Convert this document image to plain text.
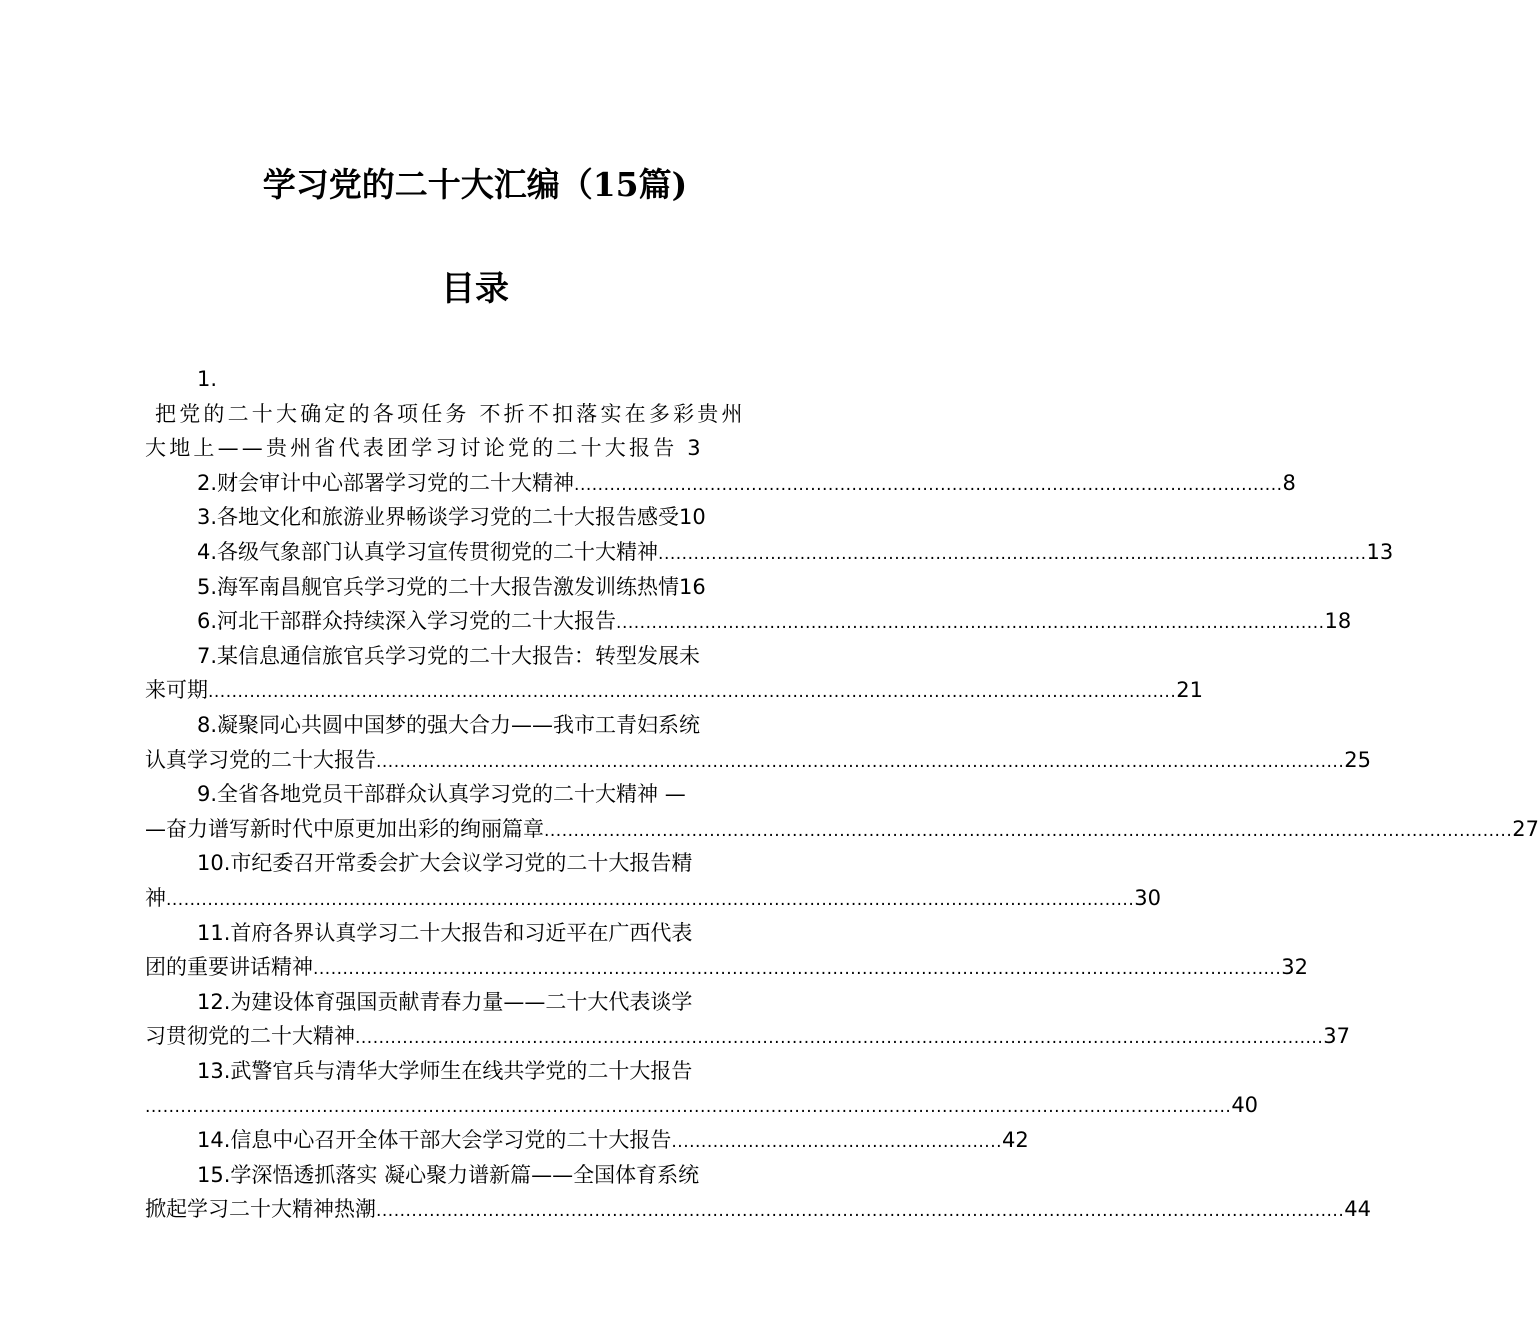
学习党的二十大汇编（15篇)
目录
1.
把党的二十大确定的各项任务 不折不扣落实在多彩贵州
大地上——贵州省代表团学习讨论党的二十大报告 3
2.财会审计中心部署学习党的二十大精神 ........................................................................................................................ 8
3.各地文化和旅游业界畅谈学习党的二十大报告感受 10
4.各级气象部门认真学习宣传贯彻党的二十大精神 ........................................................................................................................ 13
5.海军南昌舰官兵学习党的二十大报告激发训练热情 16
6.河北干部群众持续深入学习党的二十大报告 ........................................................................................................................ 18
7.某信息通信旅官兵学习党的二十大报告：转型发展未
来可期 .................................................................................................................................................................... 21
8.凝聚同心共圆中国梦的强大合力——我市工青妇系统
认真学习党的二十大报告 .................................................................................................................................................................... 25
9.全省各地党员干部群众认真学习党的二十大精神 —
—奋力谱写新时代中原更加出彩的绚丽篇章 .................................................................................................................................................................... 27
10.市纪委召开常委会扩大会议学习党的二十大报告精
神 .................................................................................................................................................................... 30
11.首府各界认真学习二十大报告和习近平在广西代表
团的重要讲话精神 .................................................................................................................................................................... 32
12.为建设体育强国贡献青春力量——二十大代表谈学
习贯彻党的二十大精神 .................................................................................................................................................................... 37
13.武警官兵与清华大学师生在线共学党的二十大报告
........................................................................................................................................................................................ 40
14.信息中心召开全体干部大会学习党的二十大报告 ........................................................ 42
15.学深悟透抓落实 凝心聚力谱新篇——全国体育系统
掀起学习二十大精神热潮 .................................................................................................................................................................... 44
